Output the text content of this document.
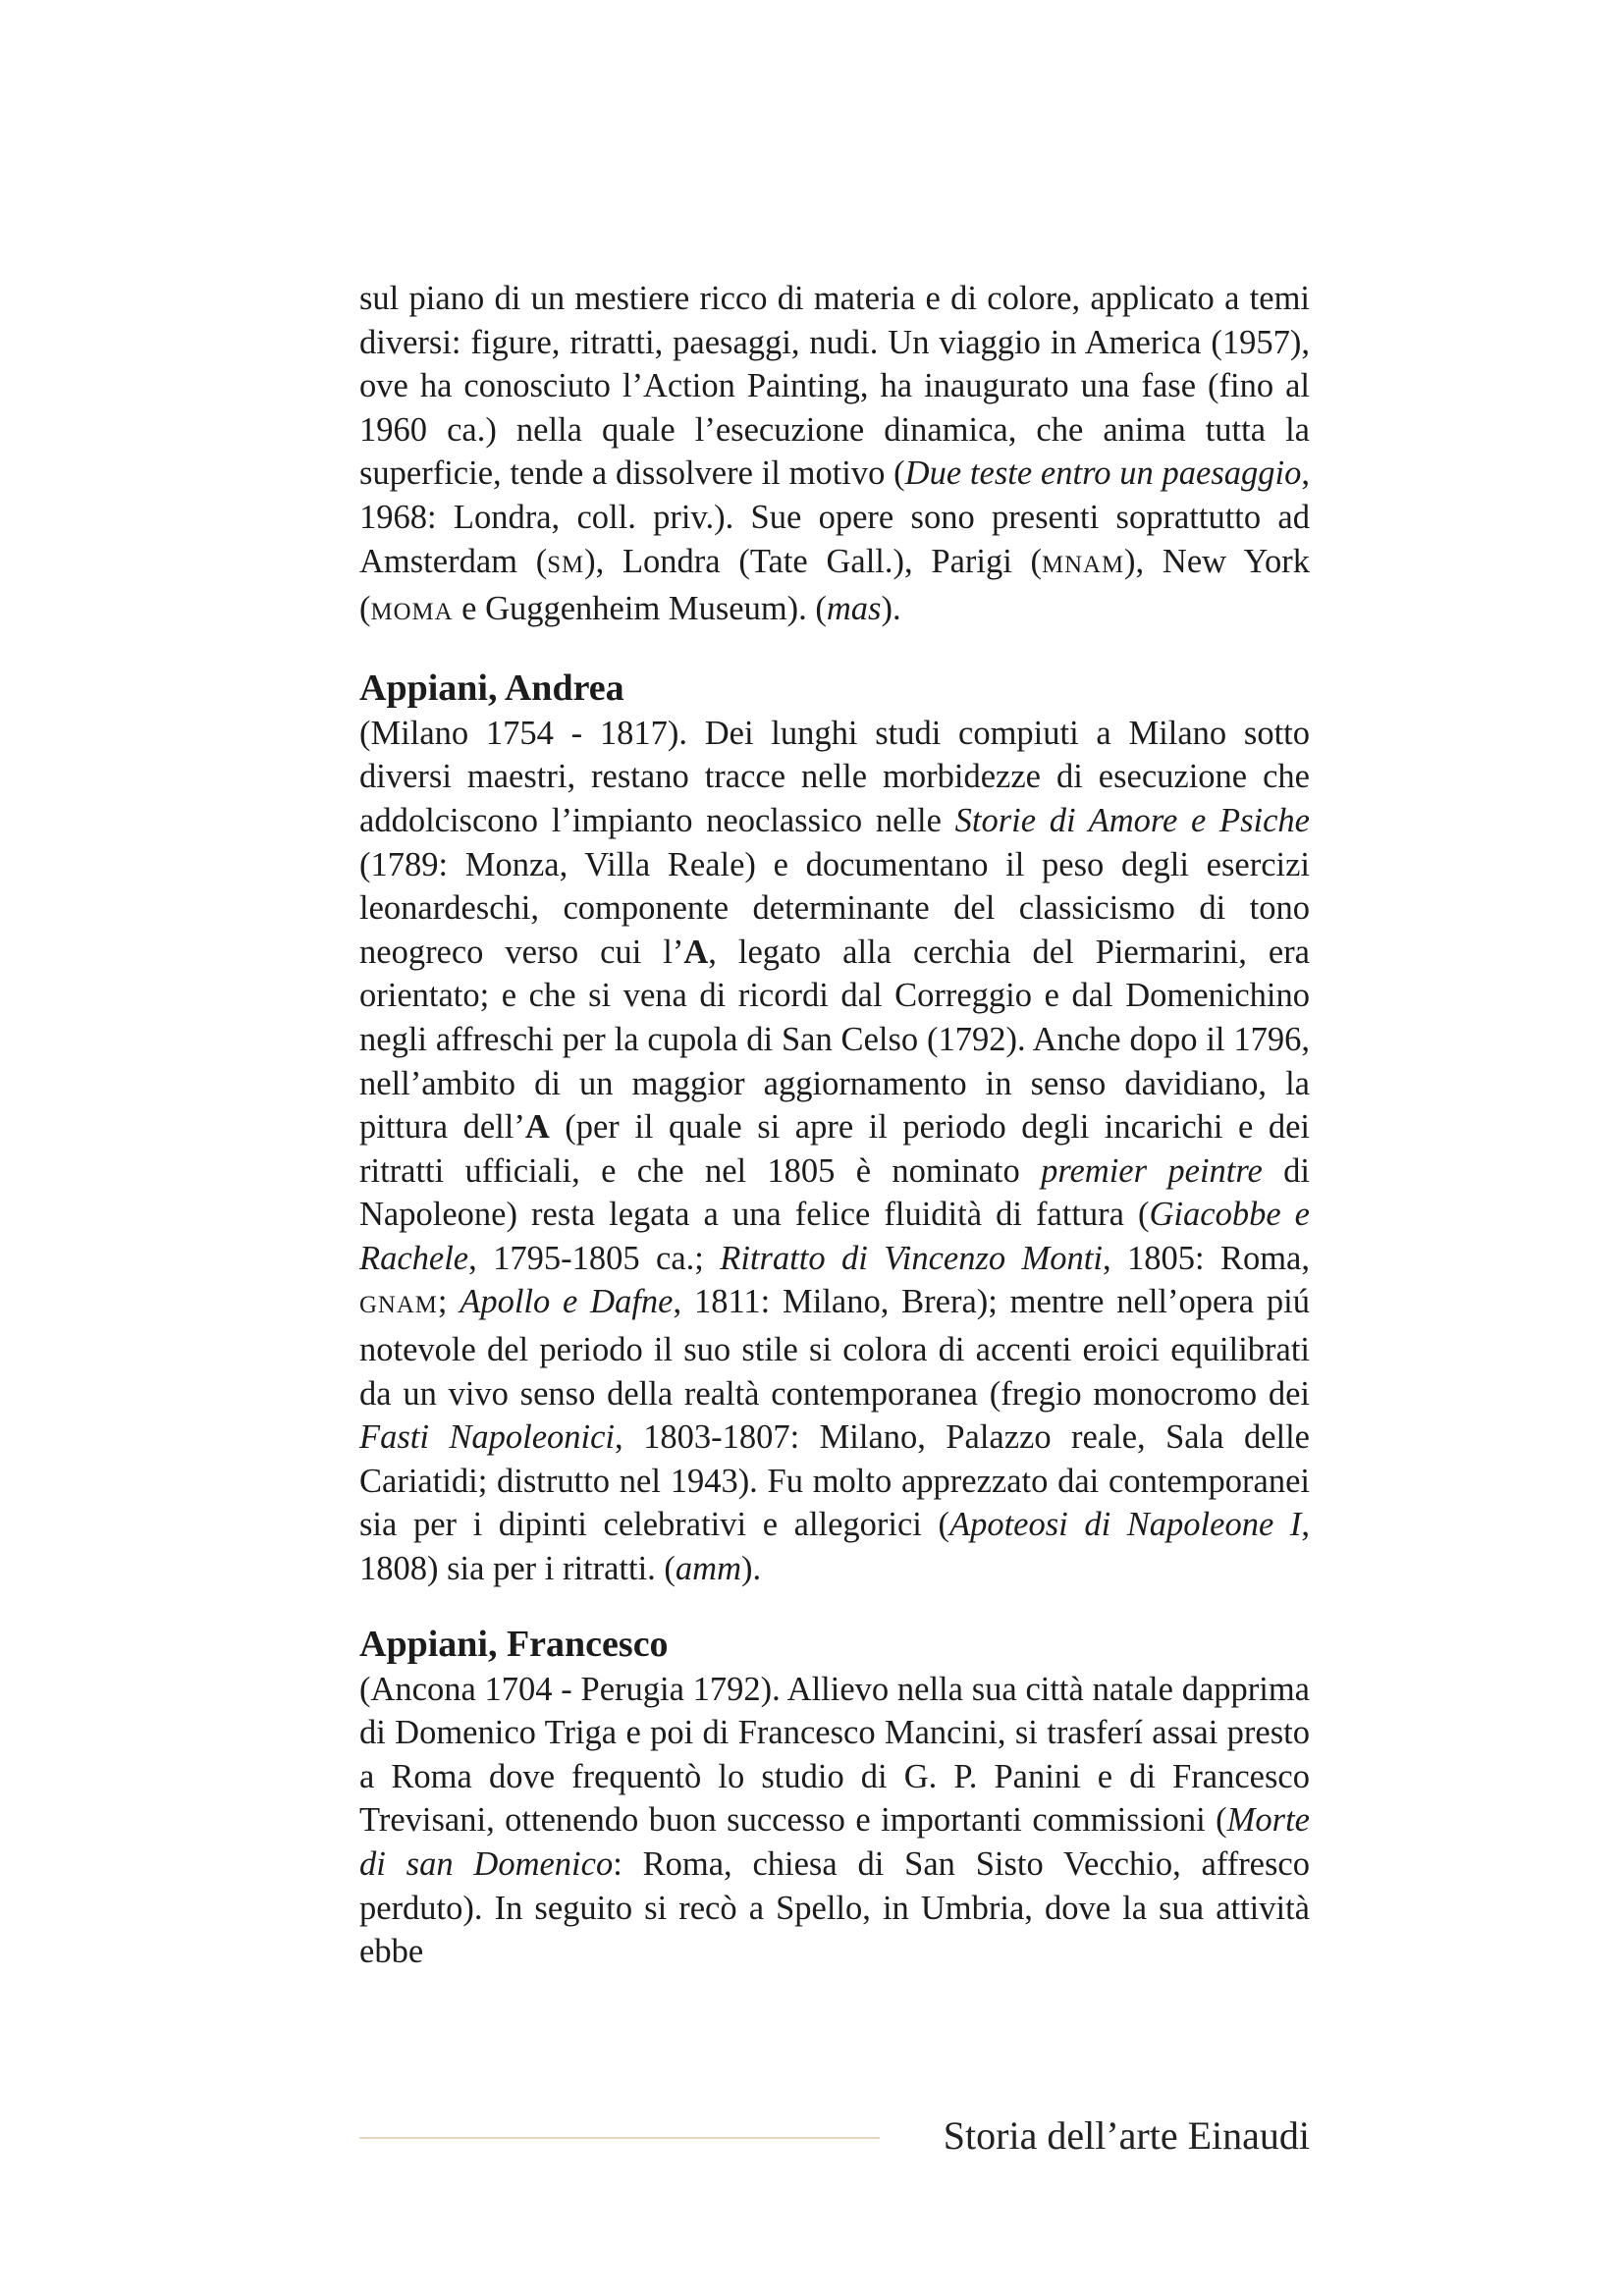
sul piano di un mestiere ricco di materia e di colore, applicato a temi diversi: figure, ritratti, paesaggi, nudi. Un viaggio in America (1957), ove ha conosciuto l’Action Painting, ha inaugurato una fase (fino al 1960 ca.) nella quale l’esecuzione dinamica, che anima tutta la superficie, tende a dissolvere il motivo (Due teste entro un paesaggio, 1968: Londra, coll. priv.). Sue opere sono presenti soprattutto ad Amsterdam (SM), Londra (Tate Gall.), Parigi (MNAM), New York (MOMA e Guggenheim Museum). (mas).

Appiani, Andrea

(Milano 1754 - 1817). Dei lunghi studi compiuti a Milano sotto diversi maestri, restano tracce nelle morbidezze di esecuzione che addolciscono l’impianto neoclassico nelle Storie di Amore e Psiche (1789: Monza, Villa Reale) e documentano il peso degli esercizi leonardeschi, componente determinante del classicismo di tono neogreco verso cui l’A, legato alla cerchia del Piermarini, era orientato; e che si vena di ricordi dal Correggio e dal Domenichino negli affreschi per la cupola di San Celso (1792). Anche dopo il 1796, nell’ambito di un maggior aggiornamento in senso davidiano, la pittura dell’A (per il quale si apre il periodo degli incarichi e dei ritratti ufficiali, e che nel 1805 è nominato premier peintre di Napoleone) resta legata a una felice fluidità di fattura (Giacobbe e Rachele, 1795-1805 ca.; Ritratto di Vincenzo Monti, 1805: Roma, GNAM; Apollo e Dafne, 1811: Milano, Brera); mentre nell’opera piú notevole del periodo il suo stile si colora di accenti eroici equilibrati da un vivo senso della realtà contemporanea (fregio monocromo dei Fasti Napoleonici, 1803-1807: Milano, Palazzo reale, Sala delle Cariatidi; distrutto nel 1943). Fu molto apprezzato dai contemporanei sia per i dipinti celebrativi e allegorici (Apoteosi di Napoleone I, 1808) sia per i ritratti. (amm).

Appiani, Francesco

(Ancona 1704 - Perugia 1792). Allievo nella sua città natale dapprima di Domenico Triga e poi di Francesco Mancini, si trasferí assai presto a Roma dove frequentò lo studio di G. P. Panini e di Francesco Trevisani, ottenendo buon successo e importanti commissioni (Morte di san Domenico: Roma, chiesa di San Sisto Vecchio, affresco perduto). In seguito si recò a Spello, in Umbria, dove la sua attività ebbe

Storia dell’arte Einaudi
